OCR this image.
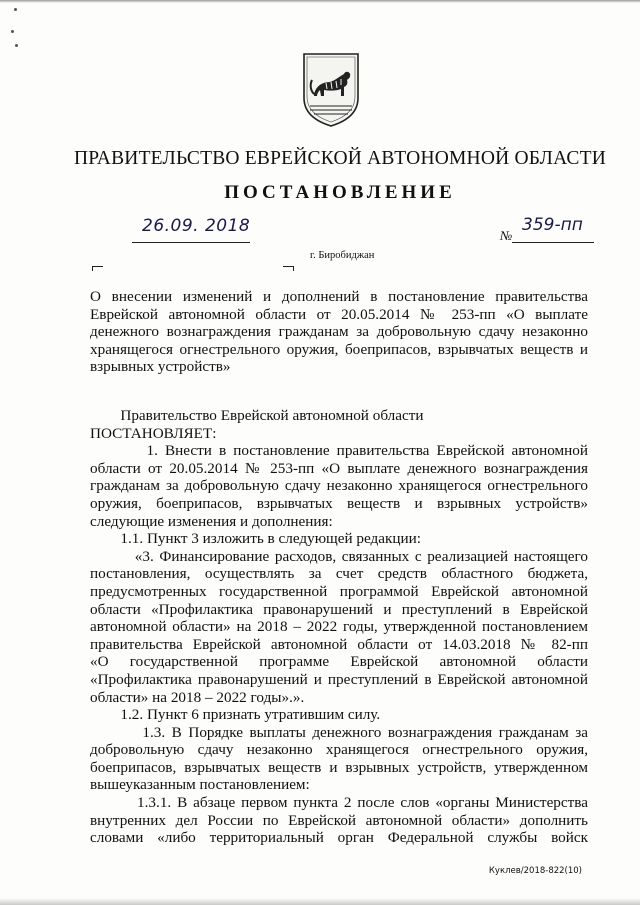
ПРАВИТЕЛЬСТВО ЕВРЕЙСКОЙ АВТОНОМНОЙ ОБЛАСТИ
ПОСТАНОВЛЕНИЕ
26.09. 2018	№
359-пп
г. Биробиджан
О внесении изменений и дополнений в постановление правительства
Еврейской автономной области от 20.05.2014 № 253-пп «О выплате
денежного вознаграждения гражданам за добровольную сдачу незаконно
хранящегося огнестрельного оружия, боеприпасов, взрывчатых веществ и
взрывных устройств»
Правительство Еврейской автономной области
ПОСТАНОВЛЯЕТ:
1. Внести в постановление правительства Еврейской автономной
области от 20.05.2014 № 253-пп «О выплате денежного вознаграждения
гражданам за добровольную сдачу незаконно хранящегося огнестрельного
оружия, боеприпасов, взрывчатых веществ и взрывных устройств»
следующие изменения и дополнения:
1.1. Пункт 3 изложить в следующей редакции:
«3. Финансирование расходов, связанных с реализацией настоящего
постановления, осуществлять за счет средств областного бюджета,
предусмотренных государственной программой Еврейской автономной
области «Профилактика правонарушений и преступлений в Еврейской
автономной области» на 2018 – 2022 годы, утвержденной постановлением
правительства Еврейской автономной области от 14.03.2018 № 82-пп
«О государственной программе Еврейской автономной области
«Профилактика правонарушений и преступлений в Еврейской автономной
области» на 2018 – 2022 годы».».
1.2. Пункт 6 признать утратившим силу.
1.3. В Порядке выплаты денежного вознаграждения гражданам за
добровольную сдачу незаконно хранящегося огнестрельного оружия,
боеприпасов, взрывчатых веществ и взрывных устройств, утвержденном
вышеуказанным постановлением:
1.3.1. В абзаце первом пункта 2 после слов «органы Министерства
внутренних дел России по Еврейской автономной области» дополнить
словами «либо территориальный орган Федеральной службы войск
Куклев/2018-822(10)
